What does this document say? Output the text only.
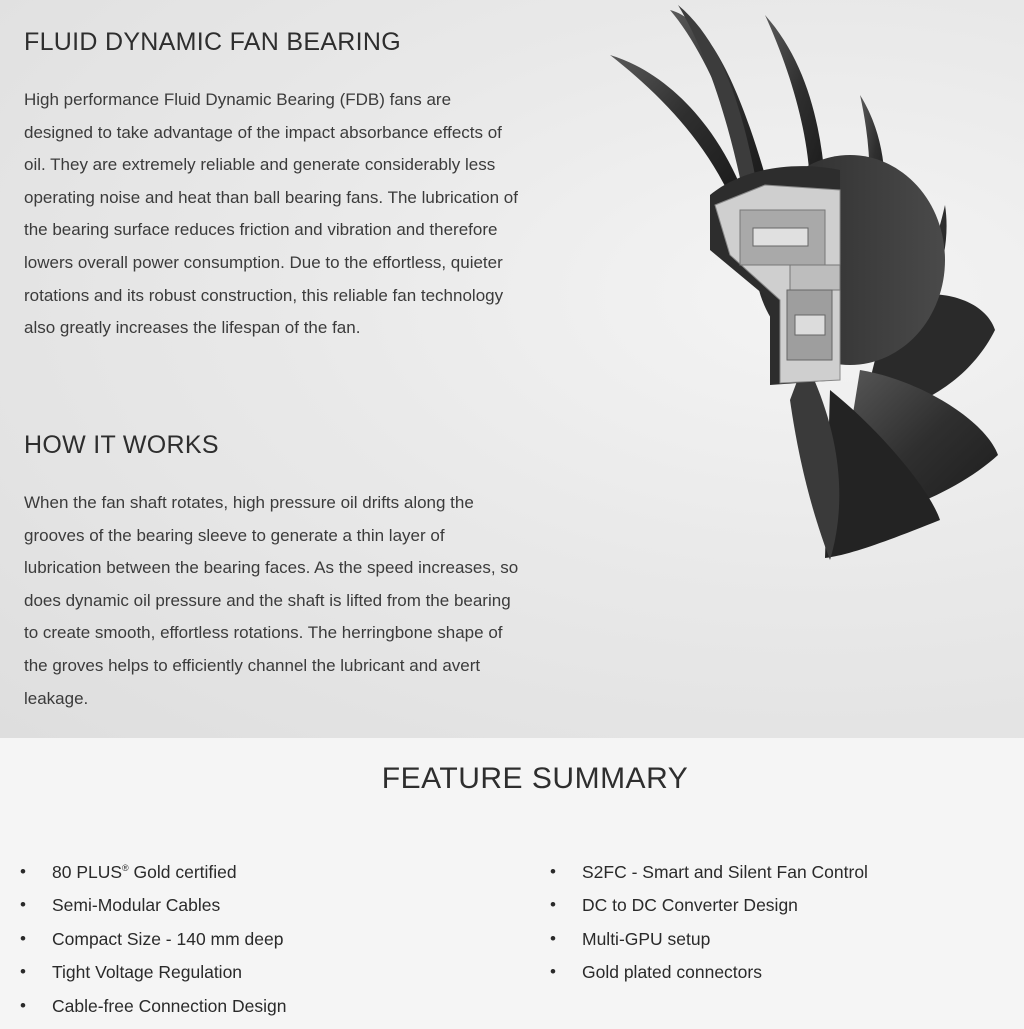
FLUID DYNAMIC FAN BEARING

High performance Fluid Dynamic Bearing (FDB) fans are designed to take advantage of the impact absorbance effects of oil. They are extremely reliable and generate considerably less operating noise and heat than ball bearing fans. The lubrication of the bearing surface reduces friction and vibration and therefore lowers overall power consumption. Due to the effortless, quieter rotations and its robust construction, this reliable fan technology also greatly increases the lifespan of the fan.

HOW IT WORKS

When the fan shaft rotates, high pressure oil drifts along the grooves of the bearing sleeve to generate a thin layer of lubrication between the bearing faces. As the speed increases, so does dynamic oil pressure and the shaft is lifted from the bearing to create smooth, effortless rotations. The herringbone shape of the groves helps to efficiently channel the lubricant and avert leakage.

FEATURE SUMMARY
• 80 PLUS® Gold certified
• Semi-Modular Cables
• Compact Size - 140 mm deep
• Tight Voltage Regulation
• Cable-free Connection Design
• S2FC - Smart and Silent Fan Control
• DC to DC Converter Design
• Multi-GPU setup
• Gold plated connectors
